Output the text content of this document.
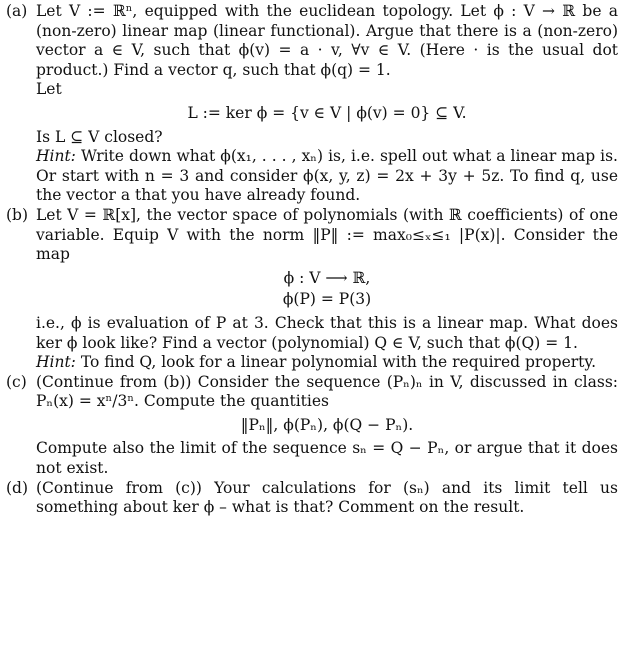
(a) Let V := ℝⁿ, equipped with the euclidean topology. Let ϕ : V → ℝ be a (non-zero) linear map (linear functional). Argue that there is a (non-zero) vector a ∈ V, such that ϕ(v) = a · v, ∀v ∈ V. (Here · is the usual dot product.) Find a vector q, such that ϕ(q) = 1.

Let

L := ker ϕ = {v ∈ V | ϕ(v) = 0} ⊆ V.

Is L ⊆ V closed?

Hint: Write down what ϕ(x₁, . . . , xₙ) is, i.e. spell out what a linear map is. Or start with n = 3 and consider ϕ(x, y, z) = 2x + 3y + 5z. To find q, use the vector a that you have already found.

(b) Let V = ℝ[x], the vector space of polynomials (with ℝ coefficients) of one variable. Equip V with the norm ‖P‖ := max₀≤ₓ≤₁ |P(x)|. Consider the map

ϕ : V ⟶ ℝ,

ϕ(P) = P(3)

i.e., ϕ is evaluation of P at 3. Check that this is a linear map. What does ker ϕ look like? Find a vector (polynomial) Q ∈ V, such that ϕ(Q) = 1.

Hint: To find Q, look for a linear polynomial with the required property.

(c) (Continue from (b)) Consider the sequence (Pₙ)ₙ in V, discussed in class: Pₙ(x) = xⁿ/3ⁿ. Compute the quantities

‖Pₙ‖, ϕ(Pₙ), ϕ(Q − Pₙ).

Compute also the limit of the sequence sₙ = Q − Pₙ, or argue that it does not exist.

(d) (Continue from (c)) Your calculations for (sₙ) and its limit tell us something about ker ϕ – what is that? Comment on the result.
